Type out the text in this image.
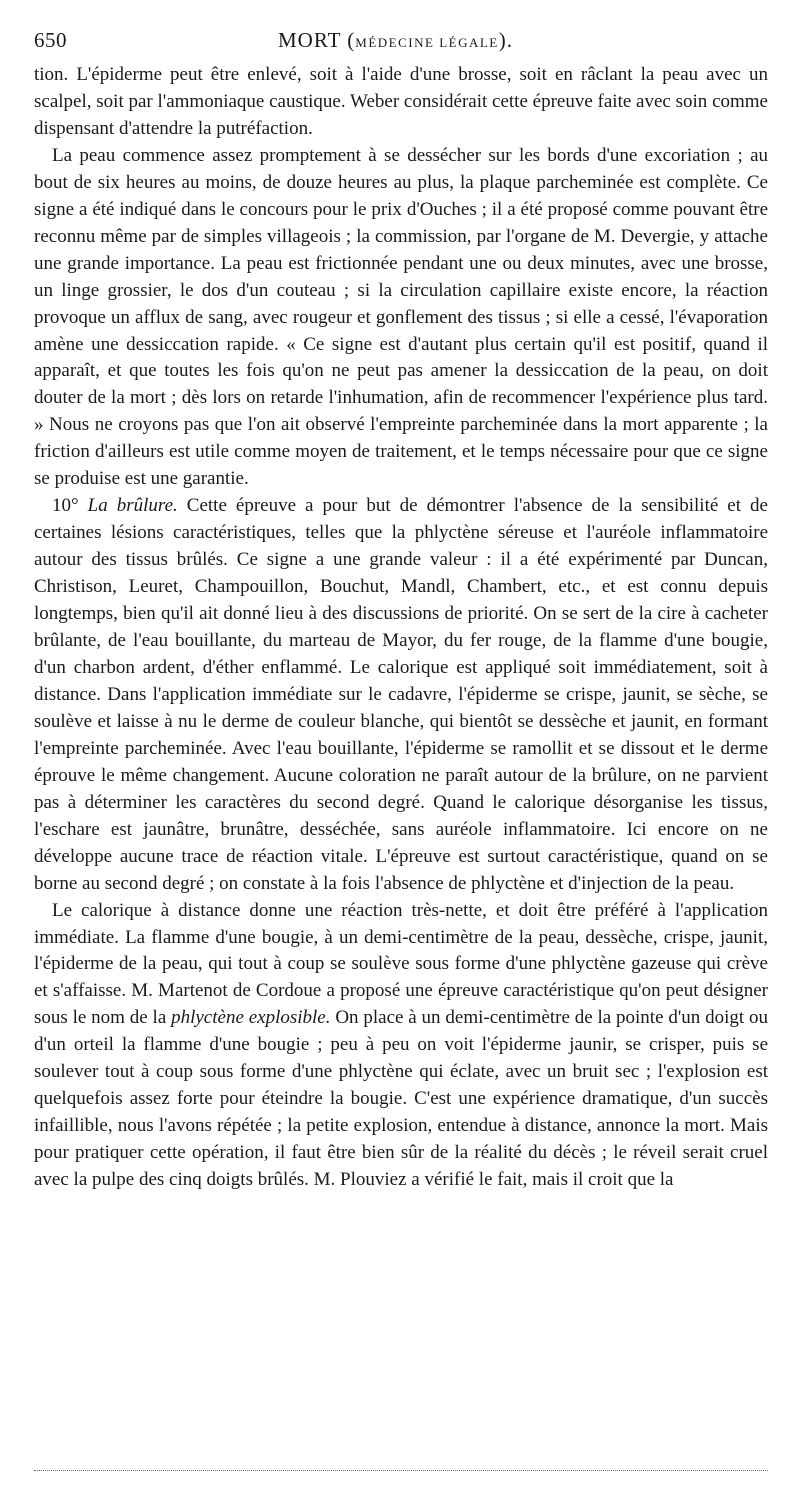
650	MORT (MÉDECINE LÉGALE).

tion. L'épiderme peut être enlevé, soit à l'aide d'une brosse, soit en râclant la peau avec un scalpel, soit par l'ammoniaque caustique. Weber considérait cette épreuve faite avec soin comme dispensant d'attendre la putréfaction.

La peau commence assez promptement à se dessécher sur les bords d'une excoriation ; au bout de six heures au moins, de douze heures au plus, la plaque parcheminée est complète. Ce signe a été indiqué dans le concours pour le prix d'Ouches ; il a été proposé comme pouvant être reconnu même par de simples villageois ; la commission, par l'organe de M. Devergie, y attache une grande importance. La peau est frictionnée pendant une ou deux minutes, avec une brosse, un linge grossier, le dos d'un couteau ; si la circulation capillaire existe encore, la réaction provoque un afflux de sang, avec rougeur et gonflement des tissus ; si elle a cessé, l'évaporation amène une dessiccation rapide. « Ce signe est d'autant plus certain qu'il est positif, quand il apparaît, et que toutes les fois qu'on ne peut pas amener la dessiccation de la peau, on doit douter de la mort ; dès lors on retarde l'inhumation, afin de recommencer l'expérience plus tard. » Nous ne croyons pas que l'on ait observé l'empreinte parcheminée dans la mort apparente ; la friction d'ailleurs est utile comme moyen de traitement, et le temps nécessaire pour que ce signe se produise est une garantie.

10° La brûlure. Cette épreuve a pour but de démontrer l'absence de la sensibilité et de certaines lésions caractéristiques, telles que la phlyctène séreuse et l'auréole inflammatoire autour des tissus brûlés. Ce signe a une grande valeur : il a été expérimenté par Duncan, Christison, Leuret, Champouillon, Bouchut, Mandl, Chambert, etc., et est connu depuis longtemps, bien qu'il ait donné lieu à des discussions de priorité. On se sert de la cire à cacheter brûlante, de l'eau bouillante, du marteau de Mayor, du fer rouge, de la flamme d'une bougie, d'un charbon ardent, d'éther enflammé. Le calorique est appliqué soit immédiatement, soit à distance. Dans l'application immédiate sur le cadavre, l'épiderme se crispe, jaunit, se sèche, se soulève et laisse à nu le derme de couleur blanche, qui bientôt se dessèche et jaunit, en formant l'empreinte parcheminée. Avec l'eau bouillante, l'épiderme se ramollit et se dissout et le derme éprouve le même changement. Aucune coloration ne paraît autour de la brûlure, on ne parvient pas à déterminer les caractères du second degré. Quand le calorique désorganise les tissus, l'eschare est jaunâtre, brunâtre, desséchée, sans auréole inflammatoire. Ici encore on ne développe aucune trace de réaction vitale. L'épreuve est surtout caractéristique, quand on se borne au second degré ; on constate à la fois l'absence de phlyctène et d'injection de la peau.

Le calorique à distance donne une réaction très-nette, et doit être préféré à l'application immédiate. La flamme d'une bougie, à un demi-centimètre de la peau, dessèche, crispe, jaunit, l'épiderme de la peau, qui tout à coup se soulève sous forme d'une phlyctène gazeuse qui crève et s'affaisse. M. Martenot de Cordoue a proposé une épreuve caractéristique qu'on peut désigner sous le nom de la phlyctène explosible. On place à un demi-centimètre de la pointe d'un doigt ou d'un orteil la flamme d'une bougie ; peu à peu on voit l'épiderme jaunir, se crisper, puis se soulever tout à coup sous forme d'une phlyctène qui éclate, avec un bruit sec ; l'explosion est quelquefois assez forte pour éteindre la bougie. C'est une expérience dramatique, d'un succès infaillible, nous l'avons répétée ; la petite explosion, entendue à distance, annonce la mort. Mais pour pratiquer cette opération, il faut être bien sûr de la réalité du décès ; le réveil serait cruel avec la pulpe des cinq doigts brûlés. M. Plouviez a vérifié le fait, mais il croit que la
